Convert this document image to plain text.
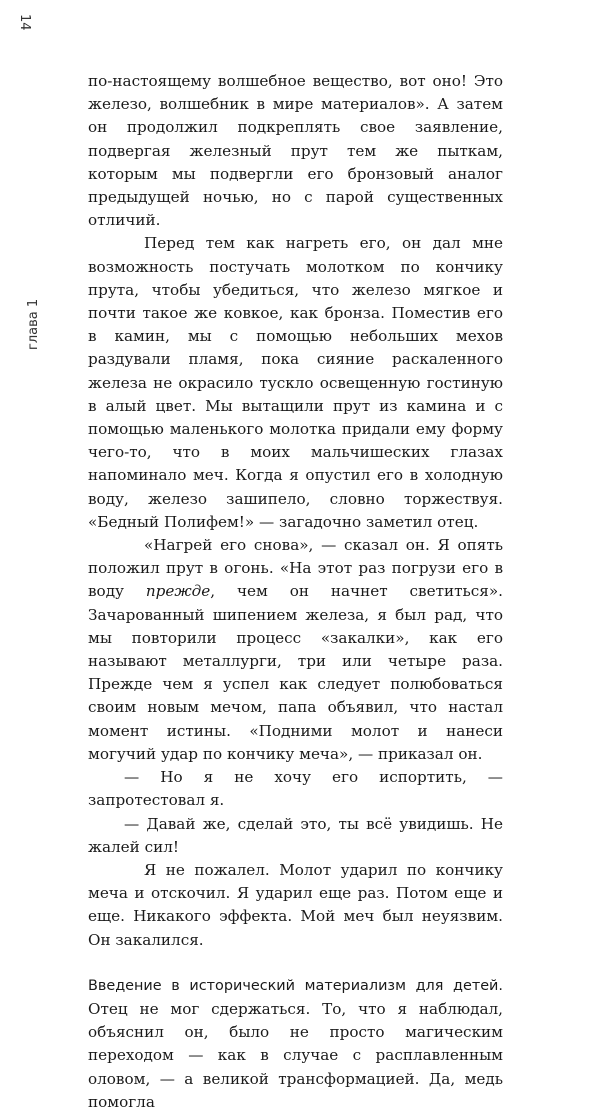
14
глава 1

по-настоящему волшебное вещество, вот оно! Это железо, волшебник в мире материалов». А затем он продолжил подкреплять свое заявление, подвергая железный прут тем же пыткам, которым мы подвергли его бронзовый аналог предыдущей ночью, но с парой существенных отличий.

Перед тем как нагреть его, он дал мне возможность постучать молотком по кончику прута, чтобы убедиться, что железо мягкое и почти такое же ковкое, как бронза. Поместив его в камин, мы с помощью небольших мехов раздували пламя, пока сияние раскаленного железа не окрасило тускло освещенную гостиную в алый цвет. Мы вытащили прут из камина и с помощью маленького молотка придали ему форму чего-то, что в моих мальчишеских глазах напоминало меч. Когда я опустил его в холодную воду, железо зашипело, словно торжествуя. «Бедный Полифем!» — загадочно заметил отец.

«Нагрей его снова», — сказал он. Я опять положил прут в огонь. «На этот раз погрузи его в воду прежде, чем он начнет светиться». Зачарованный шипением железа, я был рад, что мы повторили процесс «закалки», как его называют металлурги, три или четыре раза. Прежде чем я успел как следует полюбоваться своим новым мечом, папа объявил, что настал момент истины. «Подними молот и нанеси могучий удар по кончику меча», — приказал он.

— Но я не хочу его испортить, — запротестовал я.

— Давай же, сделай это, ты всё увидишь. Не жалей сил!

Я не пожалел. Молот ударил по кончику меча и отскочил. Я ударил еще раз. Потом еще и еще. Никакого эффекта. Мой меч был неуязвим. Он закалился.

Введение в исторический материализм для детей. Отец не мог сдержаться. То, что я наблюдал, объяснил он, было не просто магическим переходом — как в случае с расплавленным оловом, — а великой трансформацией. Да, медь помогла
